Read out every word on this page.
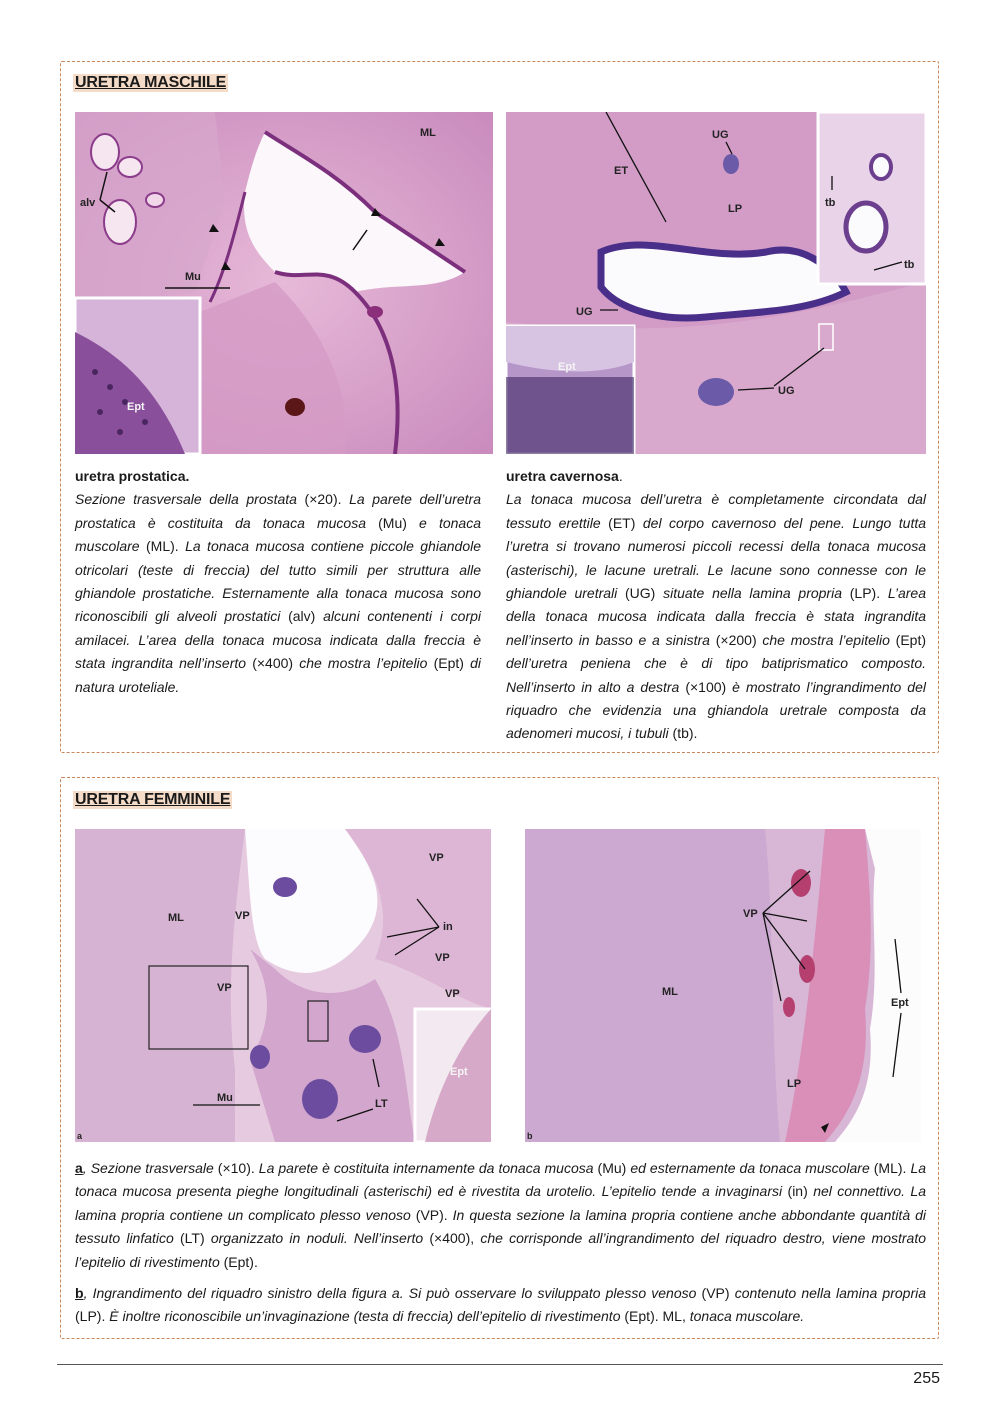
URETRA MASCHILE
Ept
alv
ML
Mu
Ept
ET
UG
LP	tb
tb
UG
UG
uretra prostatica.
Sezione trasversale della prostata (×20). La parete dell’uretra prostatica è costituita da tonaca mucosa (Mu) e tonaca muscolare (ML). La tonaca mucosa contiene piccole ghiandole otricolari (teste di freccia) del tutto simili per struttura alle ghiandole prostatiche. Esternamente alla tonaca mucosa sono riconoscibili gli alveoli prostatici (alv) alcuni contenenti i corpi amilacei. L’area della tonaca mucosa indicata dalla freccia è stata ingrandita nell’inserto (×400) che mostra l’epitelio (Ept) di natura uroteliale.
uretra cavernosa.
La tonaca mucosa dell’uretra è completamente circondata dal tessuto erettile (ET) del corpo cavernoso del pene. Lungo tutta l’uretra si trovano numerosi piccoli recessi della tonaca mucosa (asterischi), le lacune uretrali. Le lacune sono connesse con le ghiandole uretrali (UG) situate nella lamina propria (LP). L’area della tonaca mucosa indicata dalla freccia è stata ingrandita nell’inserto in basso e a sinistra (×200) che mostra l’epitelio (Ept) dell’uretra peniena che è di tipo batiprismatico composto. Nell’inserto in alto a destra (×100) è mostrato l’ingrandimento del riquadro che evidenzia una ghiandola uretrale composta da adenomeri mucosi, i tubuli (tb).
URETRA FEMMINILE
Ept
ML	VP
VP
in
VP
VP
VP
Mu	LT
a
VP
ML
Ept
LP
b
a, Sezione trasversale (×10). La parete è costituita internamente da tonaca mucosa (Mu) ed esternamente da tonaca muscolare (ML). La tonaca mucosa presenta pieghe longitudinali (asterischi) ed è rivestita da urotelio. L’epitelio tende a invaginarsi (in) nel connettivo. La lamina propria contiene un complicato plesso venoso (VP). In questa sezione la lamina propria contiene anche abbondante quantità di tessuto linfatico (LT) organizzato in noduli. Nell’inserto (×400), che corrisponde all’ingrandimento del riquadro destro, viene mostrato l’epitelio di rivestimento (Ept).
b, Ingrandimento del riquadro sinistro della figura a. Si può osservare lo sviluppato plesso venoso (VP) contenuto nella lamina propria (LP). È inoltre riconoscibile un’invaginazione (testa di freccia) dell’epitelio di rivestimento (Ept). ML, tonaca muscolare.
255
